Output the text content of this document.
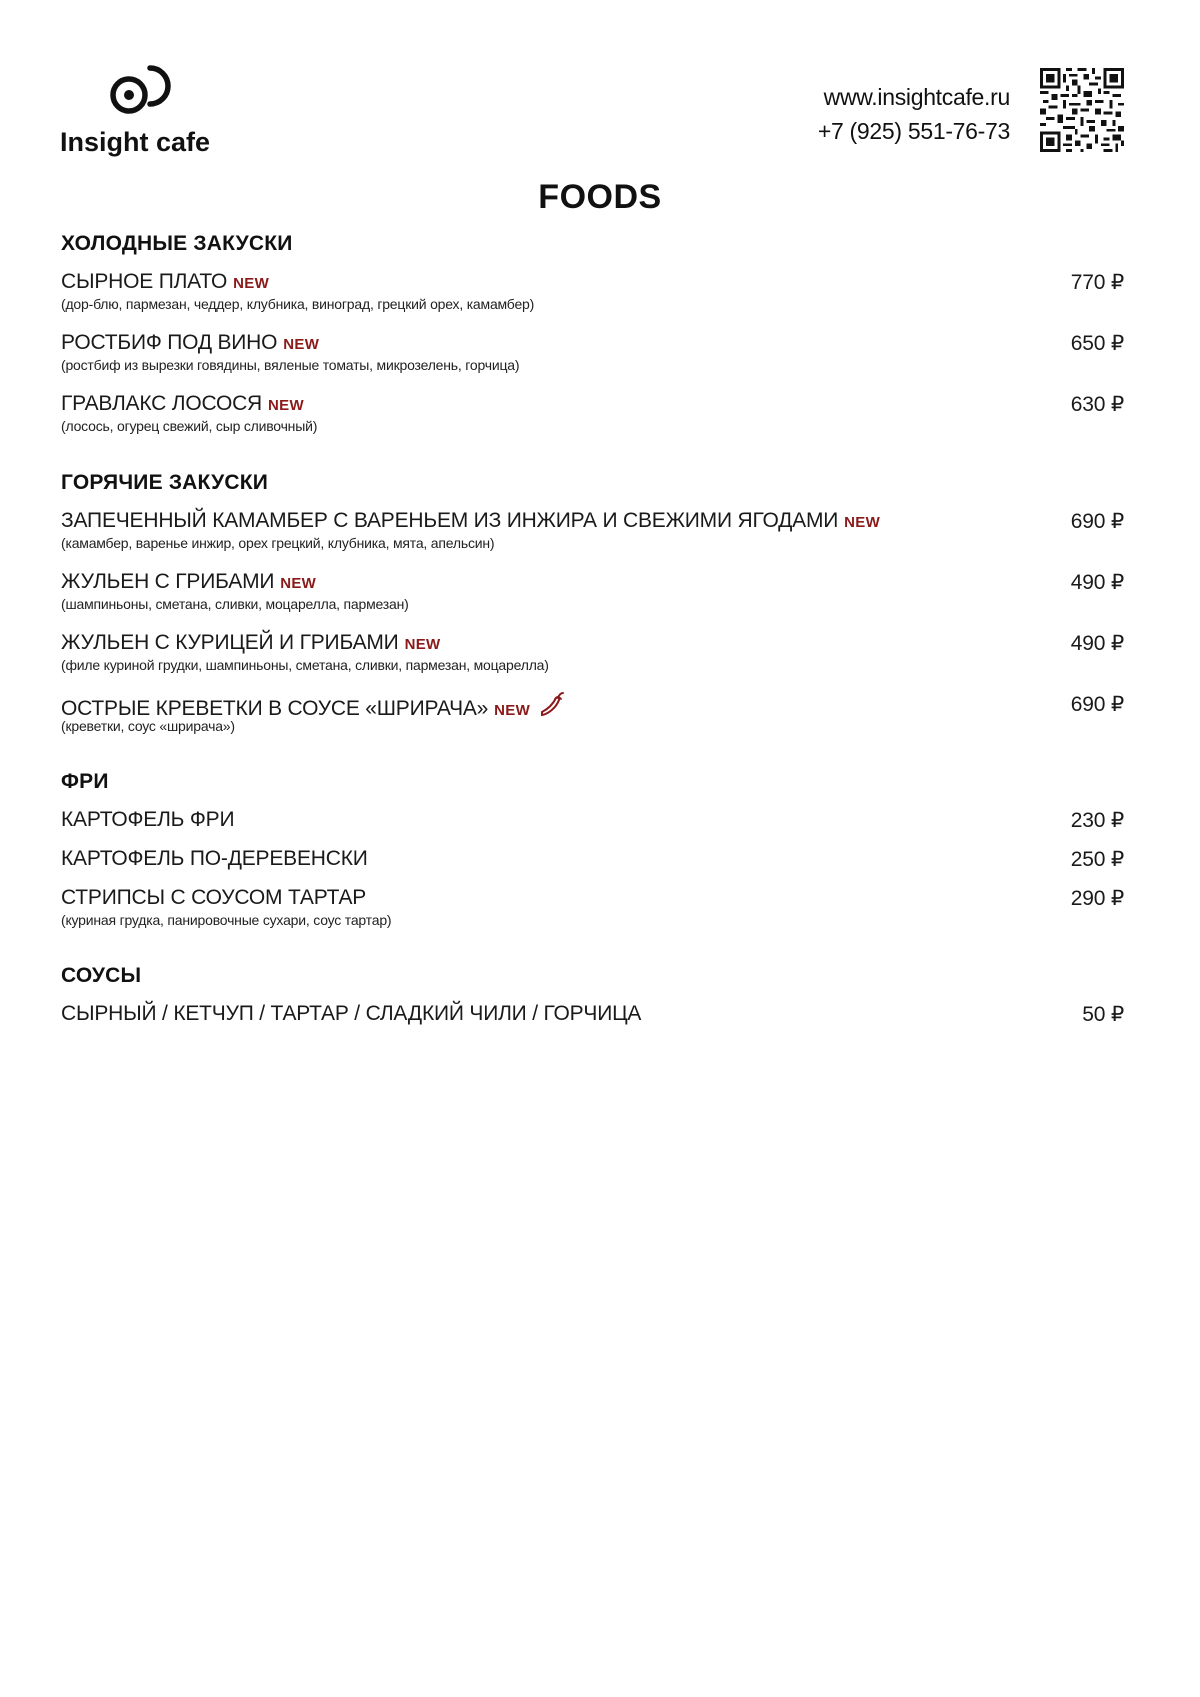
Insight cafe
www.insightcafe.ru
+7 (925) 551-76-73
FOODS
ХОЛОДНЫЕ ЗАКУСКИ
СЫРНОЕ ПЛАТО NEW	770 ₽
(дор-блю, пармезан, чеддер, клубника, виноград, грецкий орех, камамбер)
РОСТБИФ ПОД ВИНО NEW	650 ₽
(ростбиф из вырезки говядины, вяленые томаты, микрозелень, горчица)
ГРАВЛАКС ЛОСОСЯ NEW	630 ₽
(лосось, огурец свежий, сыр сливочный)
ГОРЯЧИЕ ЗАКУСКИ
ЗАПЕЧЕННЫЙ КАМАМБЕР С ВАРЕНЬЕМ ИЗ ИНЖИРА И СВЕЖИМИ ЯГОДАМИ NEW	690 ₽
(камамбер, варенье инжир, орех грецкий, клубника, мята, апельсин)
ЖУЛЬЕН С ГРИБАМИ NEW	490 ₽
(шампиньоны, сметана, сливки, моцарелла, пармезан)
ЖУЛЬЕН С КУРИЦЕЙ И ГРИБАМИ NEW	490 ₽
(филе куриной грудки, шампиньоны, сметана, сливки, пармезан, моцарелла)
ОСТРЫЕ КРЕВЕТКИ В СОУСЕ «ШРИРАЧА» NEW	690 ₽
(креветки, соус «шрирача»)
ФРИ
КАРТОФЕЛЬ ФРИ	230 ₽
КАРТОФЕЛЬ ПО-ДЕРЕВЕНСКИ	250 ₽
СТРИПСЫ С СОУСОМ ТАРТАР	290 ₽
(куриная грудка, панировочные сухари, соус тартар)
СОУСЫ
СЫРНЫЙ / КЕТЧУП / ТАРТАР / СЛАДКИЙ ЧИЛИ / ГОРЧИЦА	50 ₽
